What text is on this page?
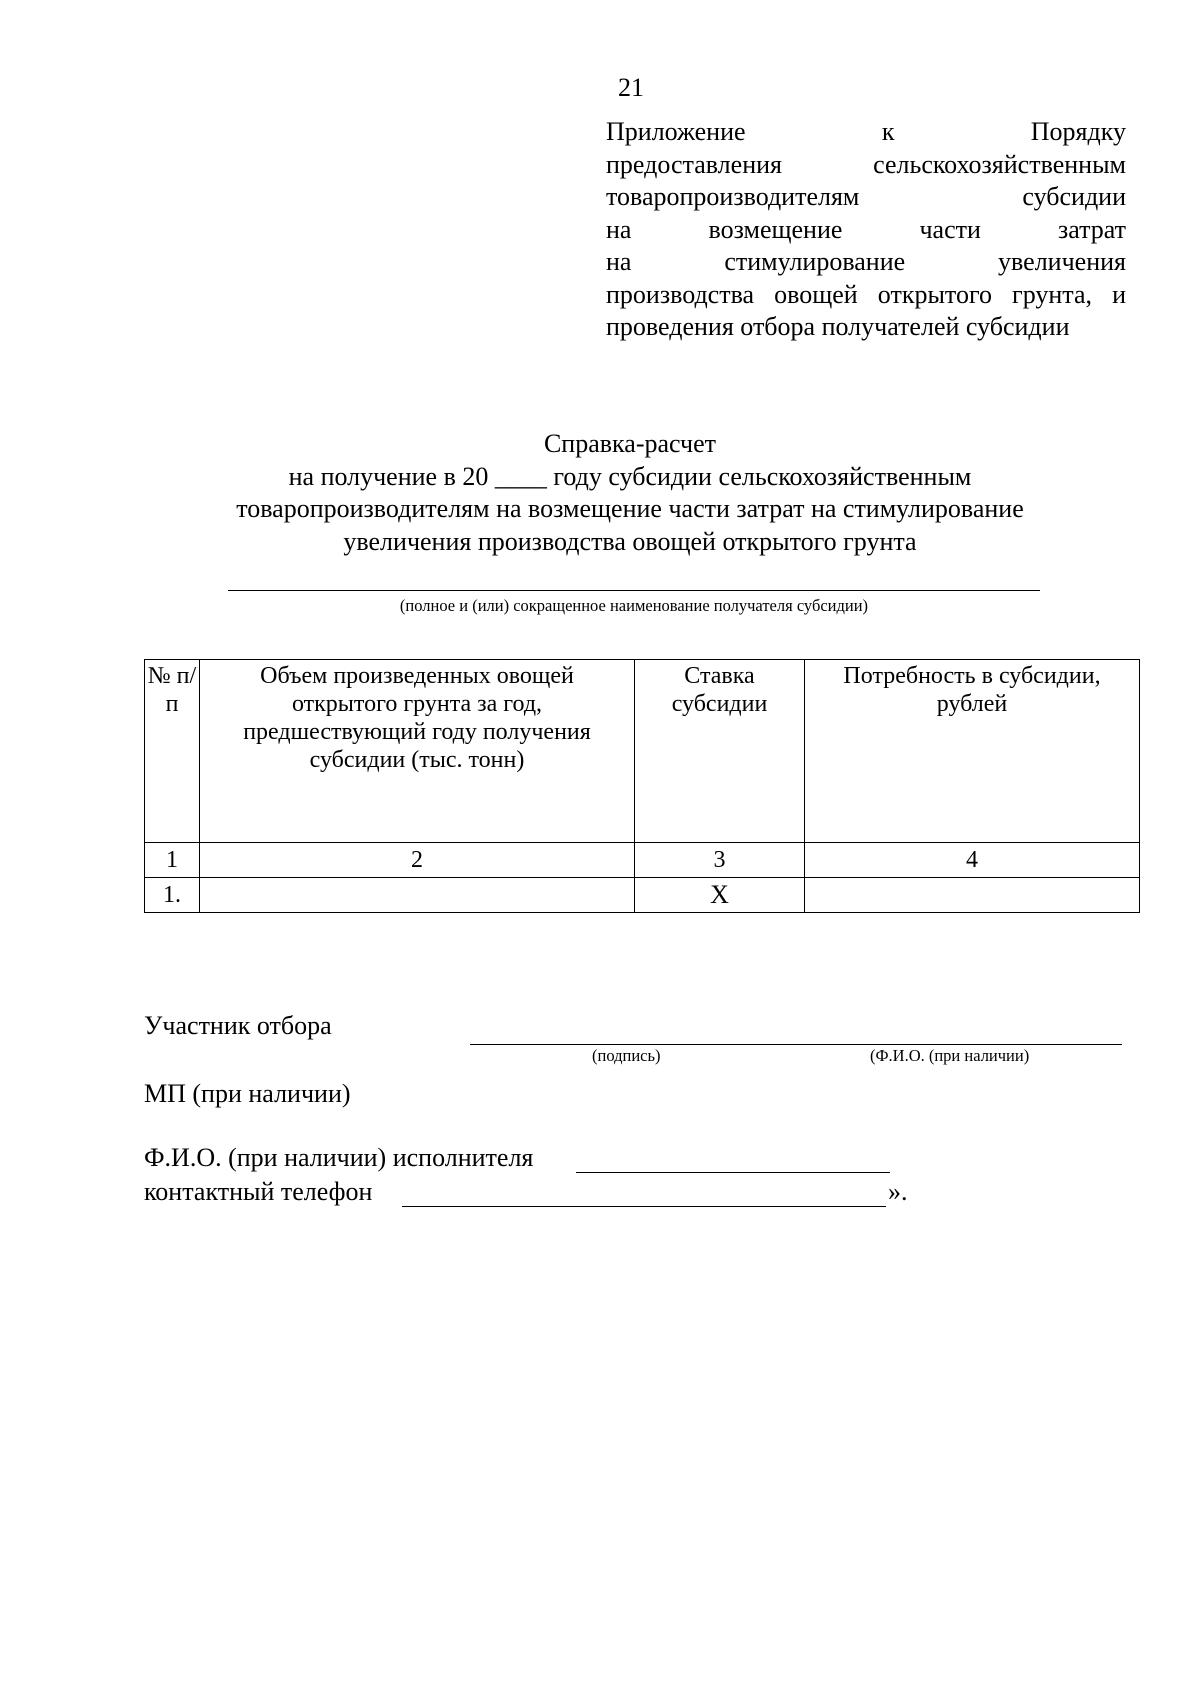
21
Приложение к Порядку
предоставления сельскохозяйственным
товаропроизводителям субсидии
на возмещение части затрат
на стимулирование увеличения
производства овощей открытого грунта, и
проведения отбора получателей субсидии
Справка-расчет
на получение в 20 ____ году субсидии сельскохозяйственным
товаропроизводителям на возмещение части затрат на стимулирование
увеличения производства овощей открытого грунта
(полное и (или) сокращенное наименование получателя субсидии)
№ п/п	Объем произведенных овощей открытого грунта за год, предшествующий году получения субсидии (тыс. тонн)	Ставка субсидии	Потребность в субсидии, рублей
1	2	3	4
1.		Х	
Участник отбора
(подпись)	(Ф.И.О. (при наличии)
МП (при наличии)
Ф.И.О. (при наличии) исполнителя
контактный телефон	».
